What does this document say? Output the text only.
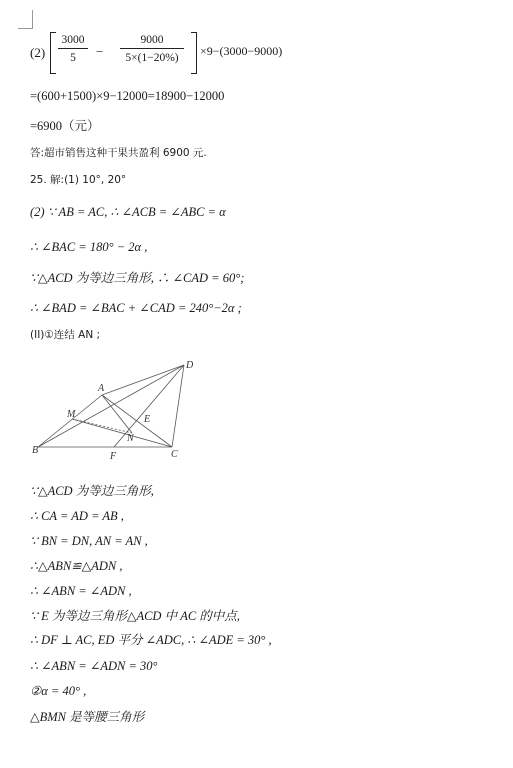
$(2) \frac{3000}{5} - \frac{9000}{5\times(1-20\%)} \times 9-(3000-9000)$
=(600+1500)×9−12000=18900−12000
=6900（元）
答:超市销售这种干果共盈利 6900 元.
25. 解:(1) 10°, 20°
(2) ∵ AB = AC, ∴ ∠ACB = ∠ABC = α
∴ ∠BAC = 180° − 2α ,
∵△ACD 为等边三角形, ∴ ∠CAD = 60°;
∴ ∠BAD = ∠BAC + ∠CAD = 240°−2α ;
(II)①连结 AN ;
D
A
M	E
N
B
F	C
∵△ACD 为等边三角形,
∴ CA = AD = AB ,
∵ BN = DN, AN = AN ,
∴△ABN≌△ADN ,
∴ ∠ABN = ∠ADN ,
∵ E 为等边三角形△ACD 中 AC 的中点,
∴ DF ⊥ AC, ED 平分 ∠ADC, ∴ ∠ADE = 30° ,
∴ ∠ABN = ∠ADN = 30°
②α = 40° ,
△BMN 是等腰三角形
